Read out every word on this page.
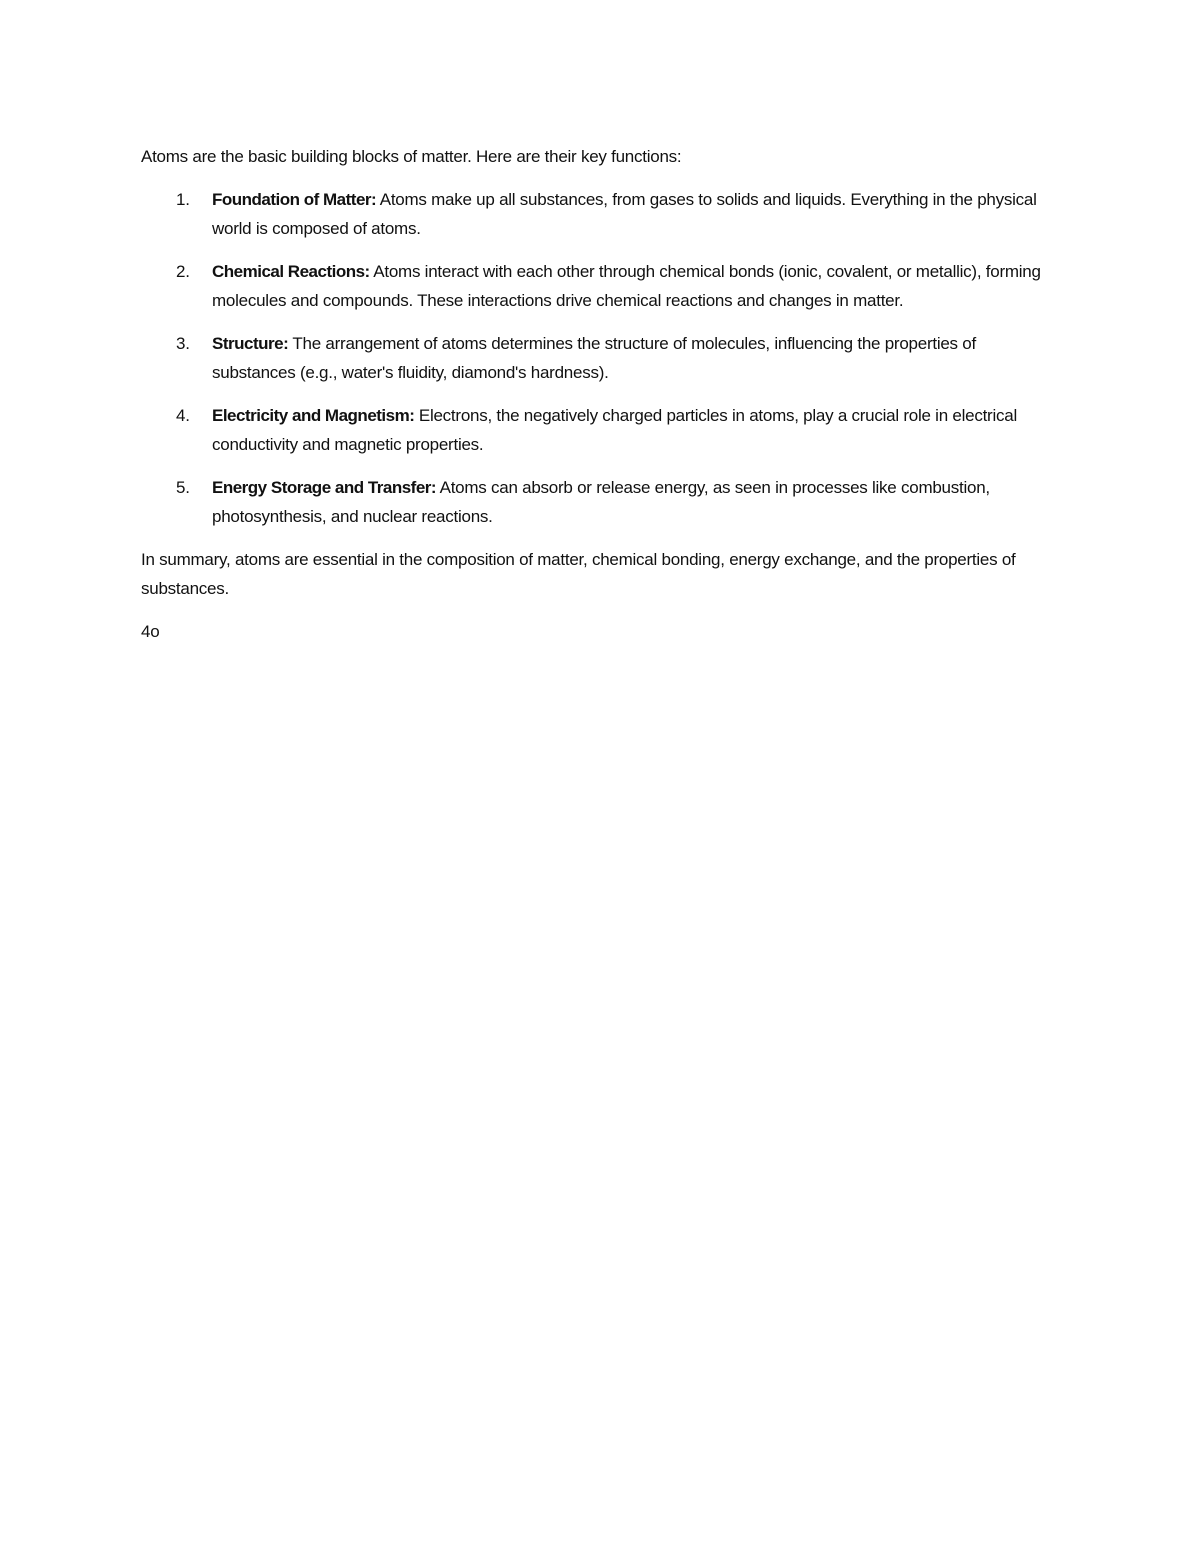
Atoms are the basic building blocks of matter. Here are their key functions:

1. Foundation of Matter: Atoms make up all substances, from gases to solids and liquids. Everything in the physical world is composed of atoms.
2. Chemical Reactions: Atoms interact with each other through chemical bonds (ionic, covalent, or metallic), forming molecules and compounds. These interactions drive chemical reactions and changes in matter.
3. Structure: The arrangement of atoms determines the structure of molecules, influencing the properties of substances (e.g., water's fluidity, diamond's hardness).
4. Electricity and Magnetism: Electrons, the negatively charged particles in atoms, play a crucial role in electrical conductivity and magnetic properties.
5. Energy Storage and Transfer: Atoms can absorb or release energy, as seen in processes like combustion, photosynthesis, and nuclear reactions.

In summary, atoms are essential in the composition of matter, chemical bonding, energy exchange, and the properties of substances.

4o
